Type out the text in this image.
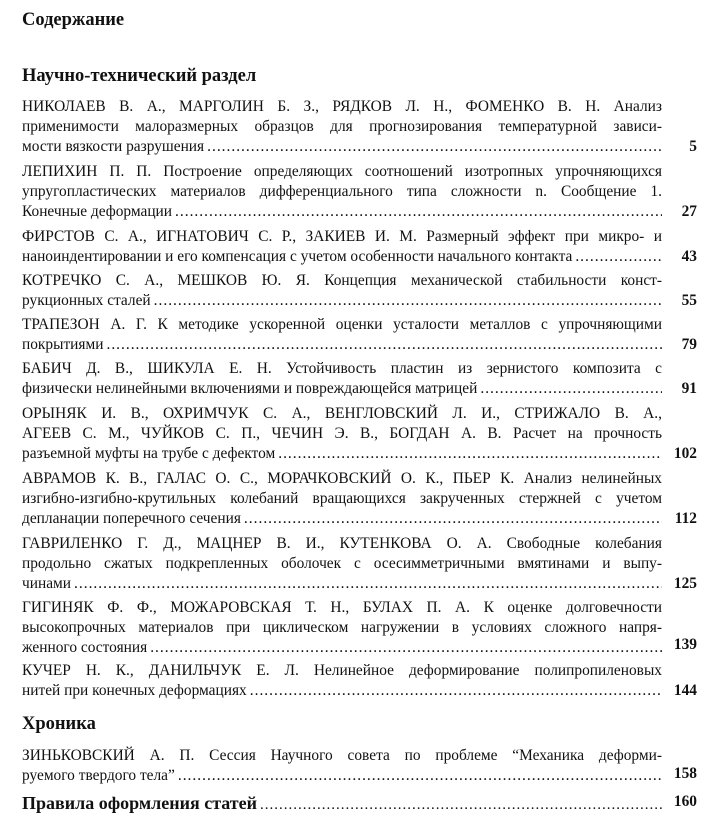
Содержание
Научно-технический раздел
НИКОЛАЕВ В. А., МАРГОЛИН Б. З., РЯДКОВ Л. Н., ФОМЕНКО В. Н. Анализ
применимости малоразмерных образцов для прогнозирования температурной зависи-
мости вязкости разрушения .....	5
ЛЕПИХИН П. П. Построение определяющих соотношений изотропных упрочняющихся
упругопластических материалов дифференциального типа сложности n. Сообщение 1.
Конечные деформации .....	27
ФИРСТОВ С. А., ИГНАТОВИЧ С. Р., ЗАКИЕВ И. М. Размерный эффект при микро- и
наноиндентировании и его компенсация с учетом особенности начального контакта .....	43
КОТРЕЧКО С. А., МЕШКОВ Ю. Я. Концепция механической стабильности конст-
рукционных сталей .....	55
ТРАПЕЗОН А. Г. К методике ускоренной оценки усталости металлов с упрочняющими
покрытиями .....	79
БАБИЧ Д. В., ШИКУЛА Е. Н. Устойчивость пластин из зернистого композита с
физически нелинейными включениями и повреждающейся матрицей .....	91
ОРЫНЯК И. В., ОХРИМЧУК С. А., ВЕНГЛОВСКИЙ Л. И., СТРИЖАЛО В. А.,
АГЕЕВ С. М., ЧУЙКОВ С. П., ЧЕЧИН Э. В., БОГДАН А. В. Расчет на прочность
разъемной муфты на трубе с дефектом .....	102
АВРАМОВ К. В., ГАЛАС О. С., МОРАЧКОВСКИЙ О. К., ПЬЕР К. Анализ нелинейных
изгибно-изгибно-крутильных колебаний вращающихся закрученных стержней с учетом
депланации поперечного сечения .....	112
ГАВРИЛЕНКО Г. Д., МАЦНЕР В. И., КУТЕНКОВА О. А. Свободные колебания
продольно сжатых подкрепленных оболочек с осесимметричными вмятинами и выпу-
чинами .....	125
ГИГИНЯК Ф. Ф., МОЖАРОВСКАЯ Т. Н., БУЛАХ П. А. К оценке долговечности
высокопрочных материалов при циклическом нагружении в условиях сложного напря-
женного состояния .....	139
КУЧЕР Н. К., ДАНИЛЬЧУК Е. Л. Нелинейное деформирование полипропиленовых
нитей при конечных деформациях .....	144
Хроника
ЗИНЬКОВСКИЙ А. П. Сессия Научного совета по проблеме “Механика деформи-
руемого твердого тела” .....	158
Правила оформления статей .....	160
